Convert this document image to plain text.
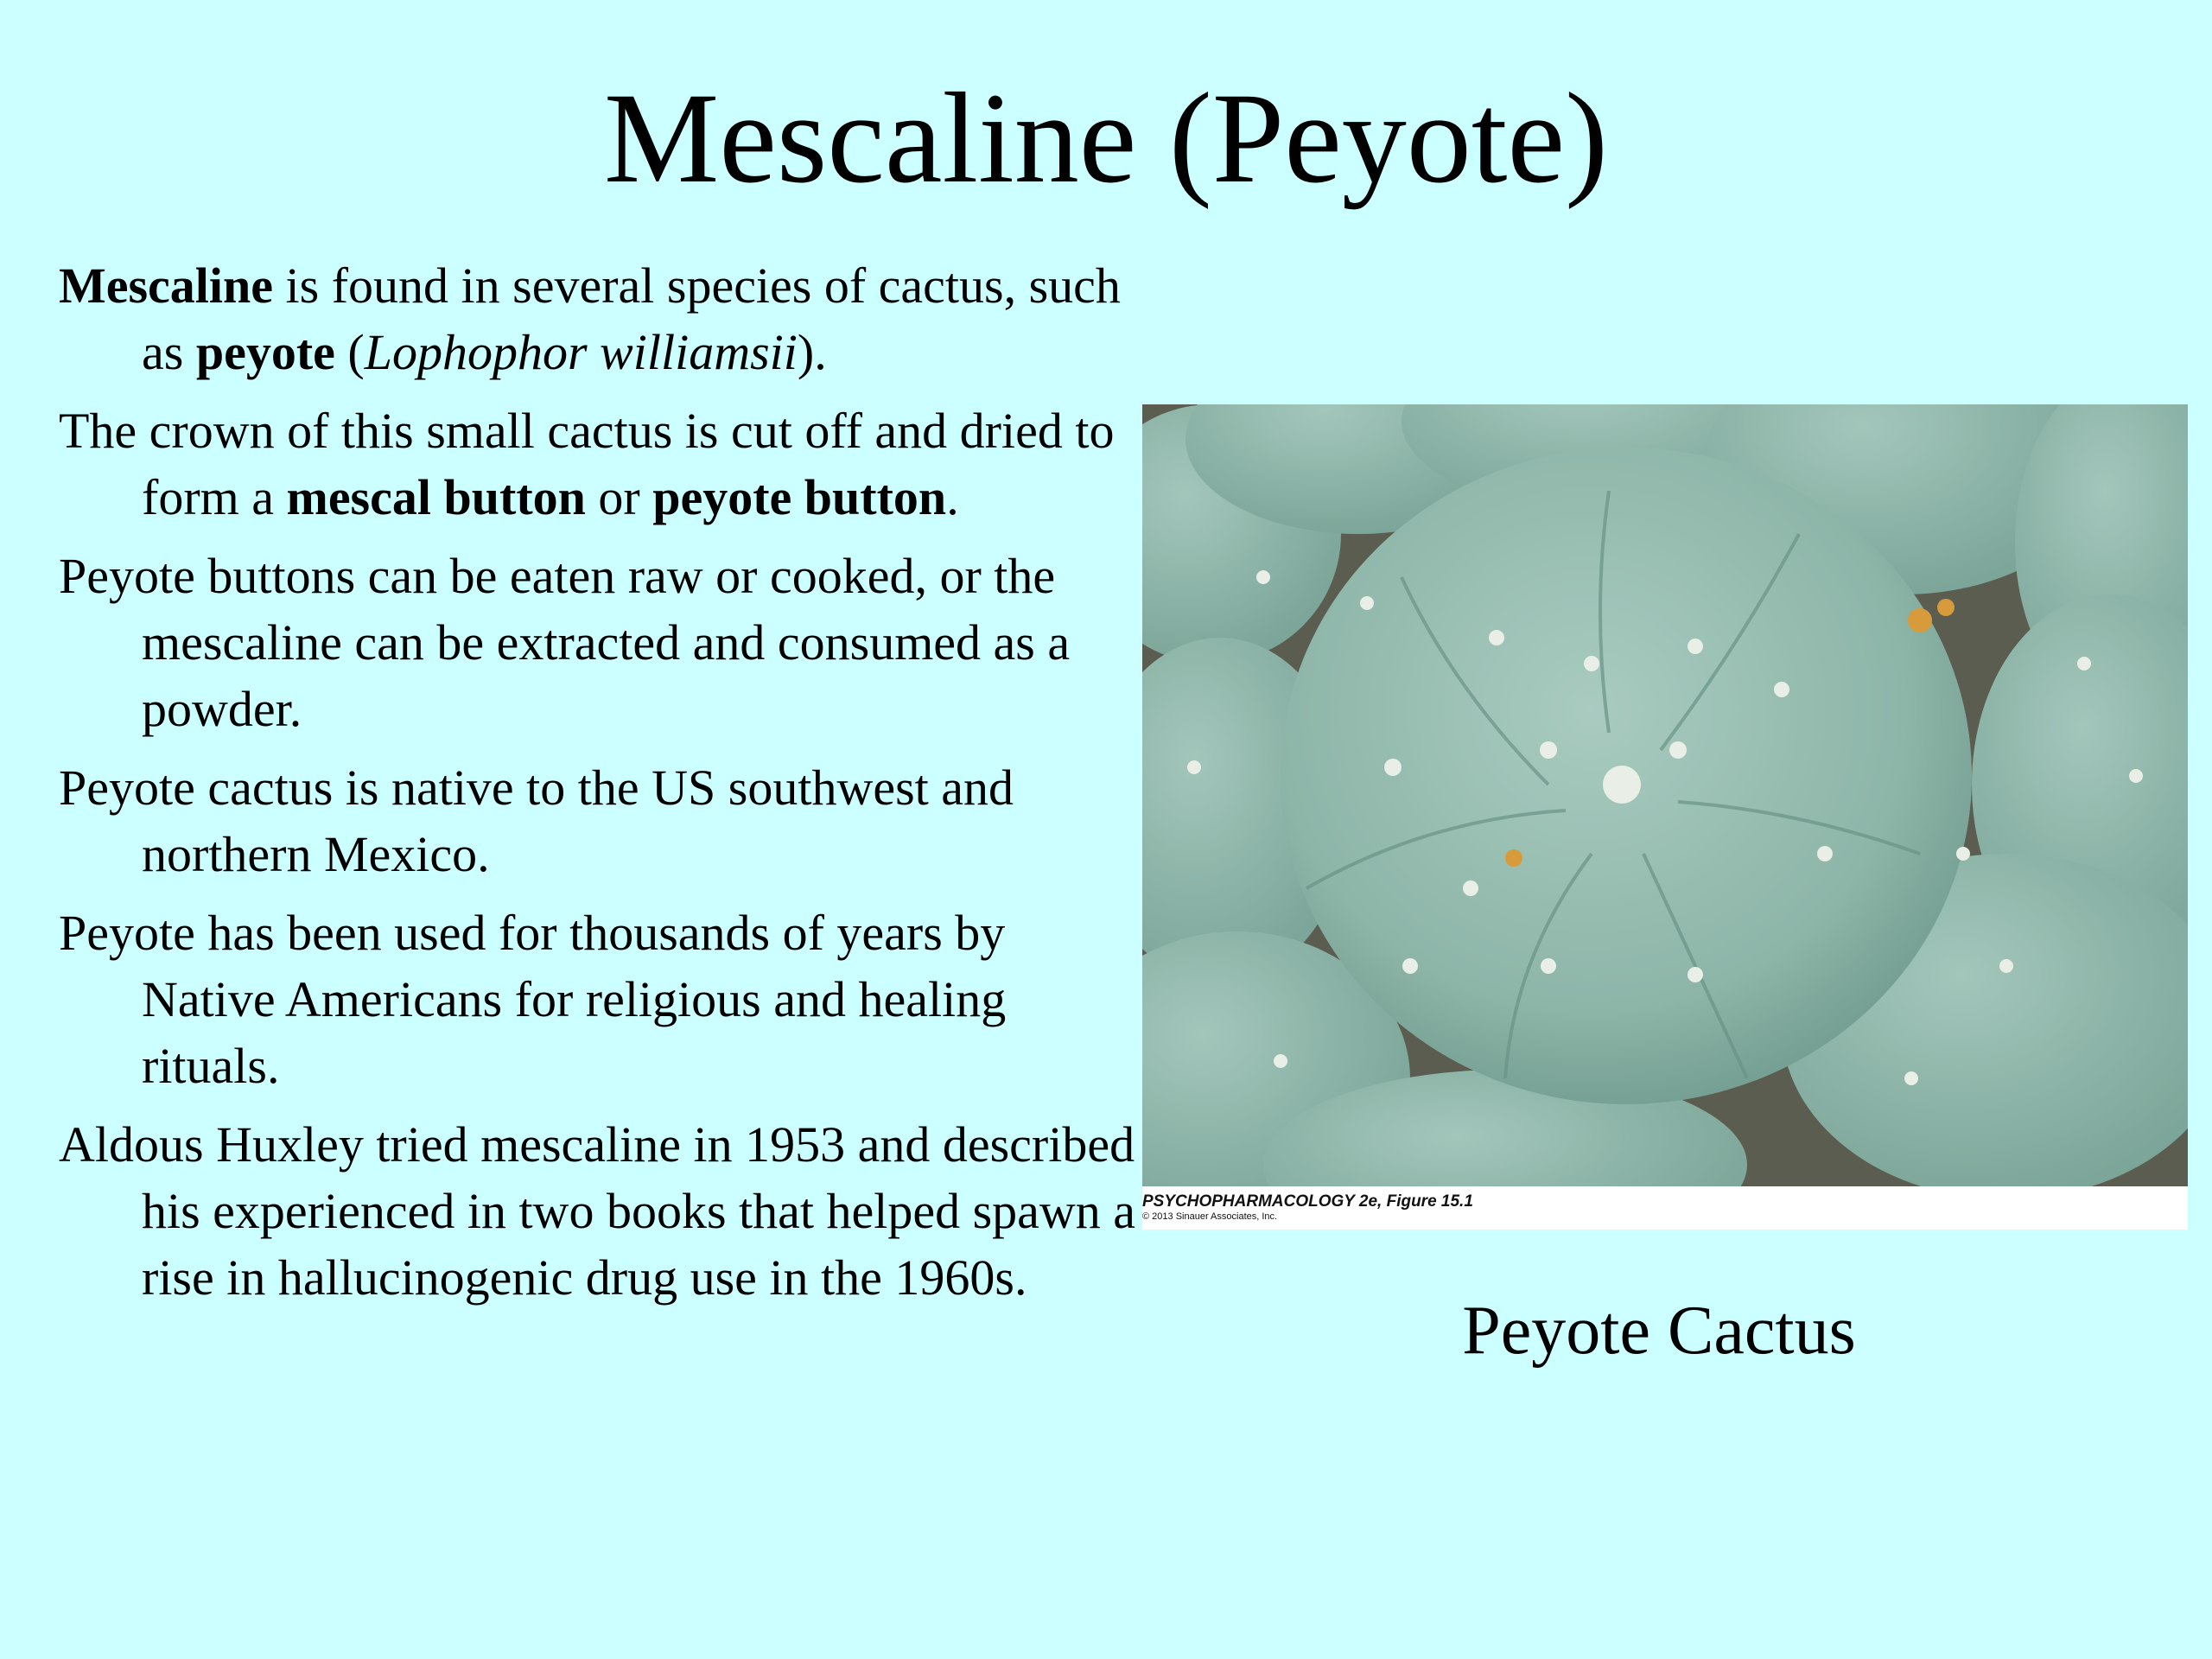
Mescaline (Peyote)

Mescaline is found in several species of cactus, such as peyote (Lophophor williamsii).

The crown of this small cactus is cut off and dried to form a mescal button or peyote button.

Peyote buttons can be eaten raw or cooked, or the mescaline can be extracted and consumed as a powder.

Peyote cactus is native to the US southwest and northern Mexico.

Peyote has been used for thousands of years by Native Americans for religious and healing rituals.

Aldous Huxley tried mescaline in 1953 and described his experienced in two books that helped spawn a rise in hallucinogenic drug use in the 1960s.

PSYCHOPHARMACOLOGY 2e, Figure 15.1
© 2013 Sinauer Associates, Inc.
Peyote Cactus
